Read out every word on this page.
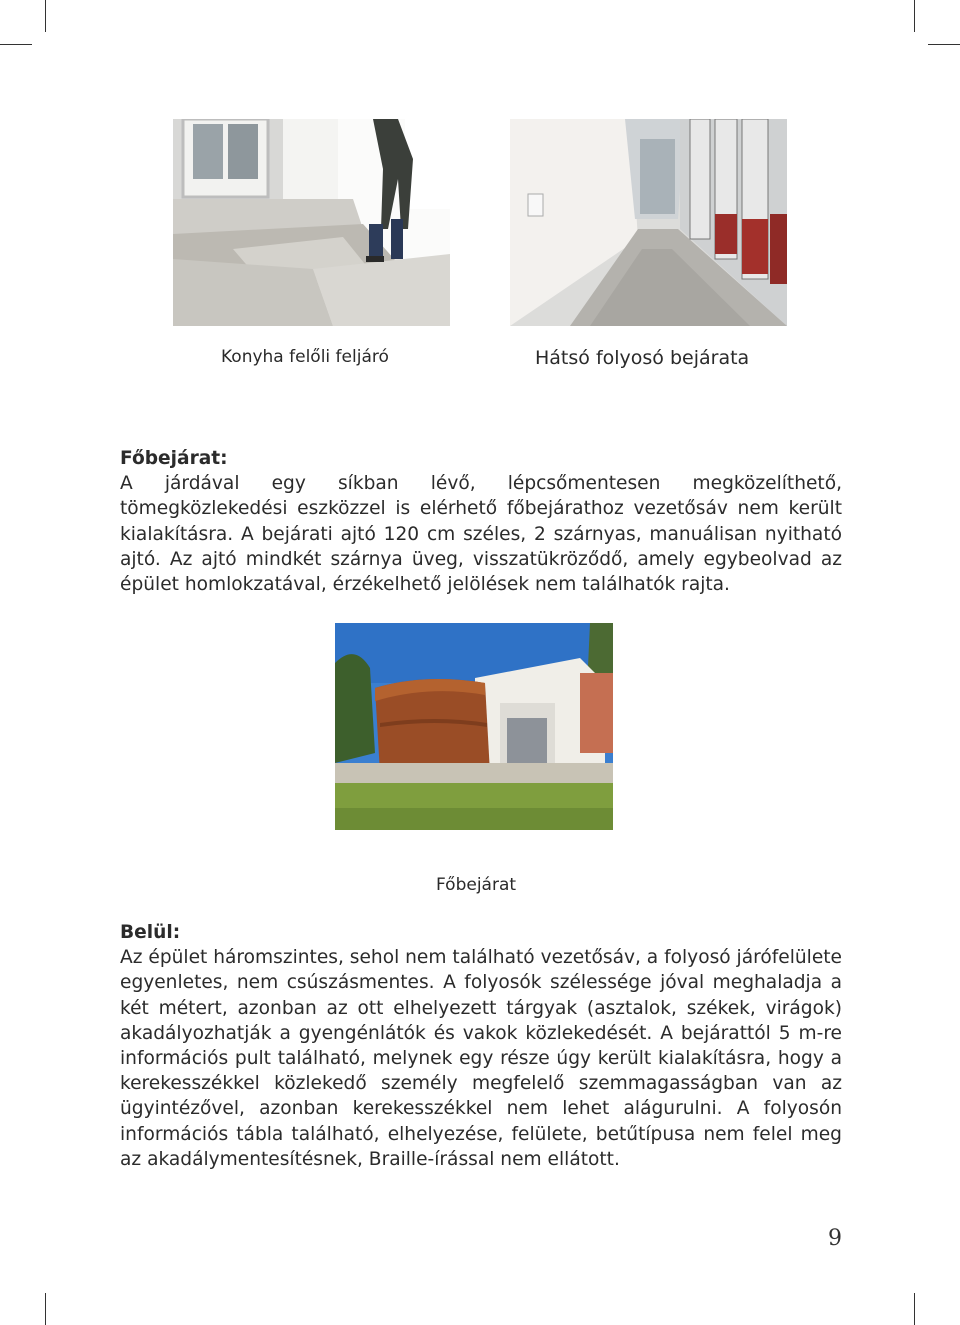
Konyha felőli feljáró	Hátsó folyosó bejárata
Főbejárat:
A járdával egy síkban lévő, lépcsőmentesen megközelíthető, tömegközlekedési eszközzel is elérhető főbejárathoz vezetősáv nem került kialakításra. A bejárati ajtó 120 cm széles, 2 szárnyas, manuálisan nyitható ajtó. Az ajtó mindkét szárnya üveg, visszatükröződő, amely egybeolvad az épület homlokzatával, érzékelhető jelölések nem találhatók rajta.
Főbejárat
Belül:
Az épület háromszintes, sehol nem található vezetősáv, a folyosó járófelülete egyenletes, nem csúszásmentes. A folyosók szélessége jóval meghaladja a két métert, azonban az ott elhelyezett tárgyak (asztalok, székek, virágok) akadályozhatják a gyengénlátók és vakok közlekedését. A bejárattól 5 m-re információs pult található, melynek egy része úgy került kialakításra, hogy a kerekesszékkel közlekedő személy megfelelő szemmagasságban van az ügyintézővel, azonban kerekesszékkel nem lehet alágurulni. A folyosón információs tábla található, elhelyezése, felülete, betűtípusa nem felel meg az akadálymentesítésnek, Braille-írással nem ellátott.
9
